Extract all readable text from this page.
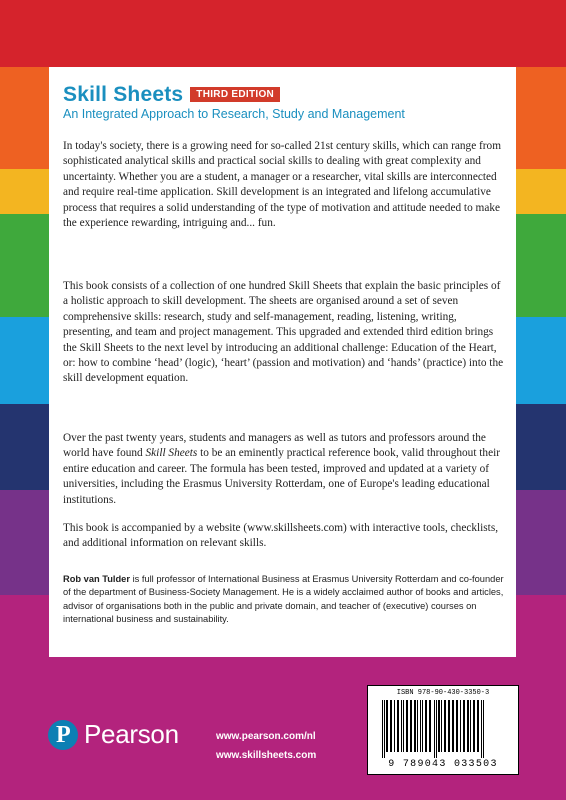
Skill Sheets	THIRD EDITION
An Integrated Approach to Research, Study and Management

In today's society, there is a growing need for so-called 21st century skills, which can range from sophisticated analytical skills and practical social skills to dealing with great complexity and uncertainty. Whether you are a student, a manager or a researcher, vital skills are interconnected and require real-time application. Skill development is an integrated and lifelong accumulative process that requires a solid understanding of the type of motivation and attitude needed to make the experience rewarding, intriguing and... fun.

This book consists of a collection of one hundred Skill Sheets that explain the basic principles of a holistic approach to skill development. The sheets are organised around a set of seven comprehensive skills: research, study and self-management, reading, listening, writing, presenting, and team and project management. This upgraded and extended third edition brings the Skill Sheets to the next level by introducing an additional challenge: Education of the Heart, or: how to combine ‘head’ (logic), ‘heart’ (passion and motivation) and ‘hands’ (practice) into the skill development equation.

Over the past twenty years, students and managers as well as tutors and professors around the world have found Skill Sheets to be an eminently practical reference book, valid throughout their entire education and career. The formula has been tested, improved and updated at a variety of universities, including the Erasmus University Rotterdam, one of Europe's leading educational institutions.

This book is accompanied by a website (www.skillsheets.com) with interactive tools, checklists, and additional information on relevant skills.

Rob van Tulder is full professor of International Business at Erasmus University Rotterdam and co-founder of the department of Business-Society Management. He is a widely acclaimed author of books and articles, advisor of organisations both in the public and private domain, and teacher of (executive) courses on international business and sustainability.
P
Pearson	www.pearson.com/nl
www.skillsheets.com
ISBN 978-90-430-3350-3
9 789043 033503
